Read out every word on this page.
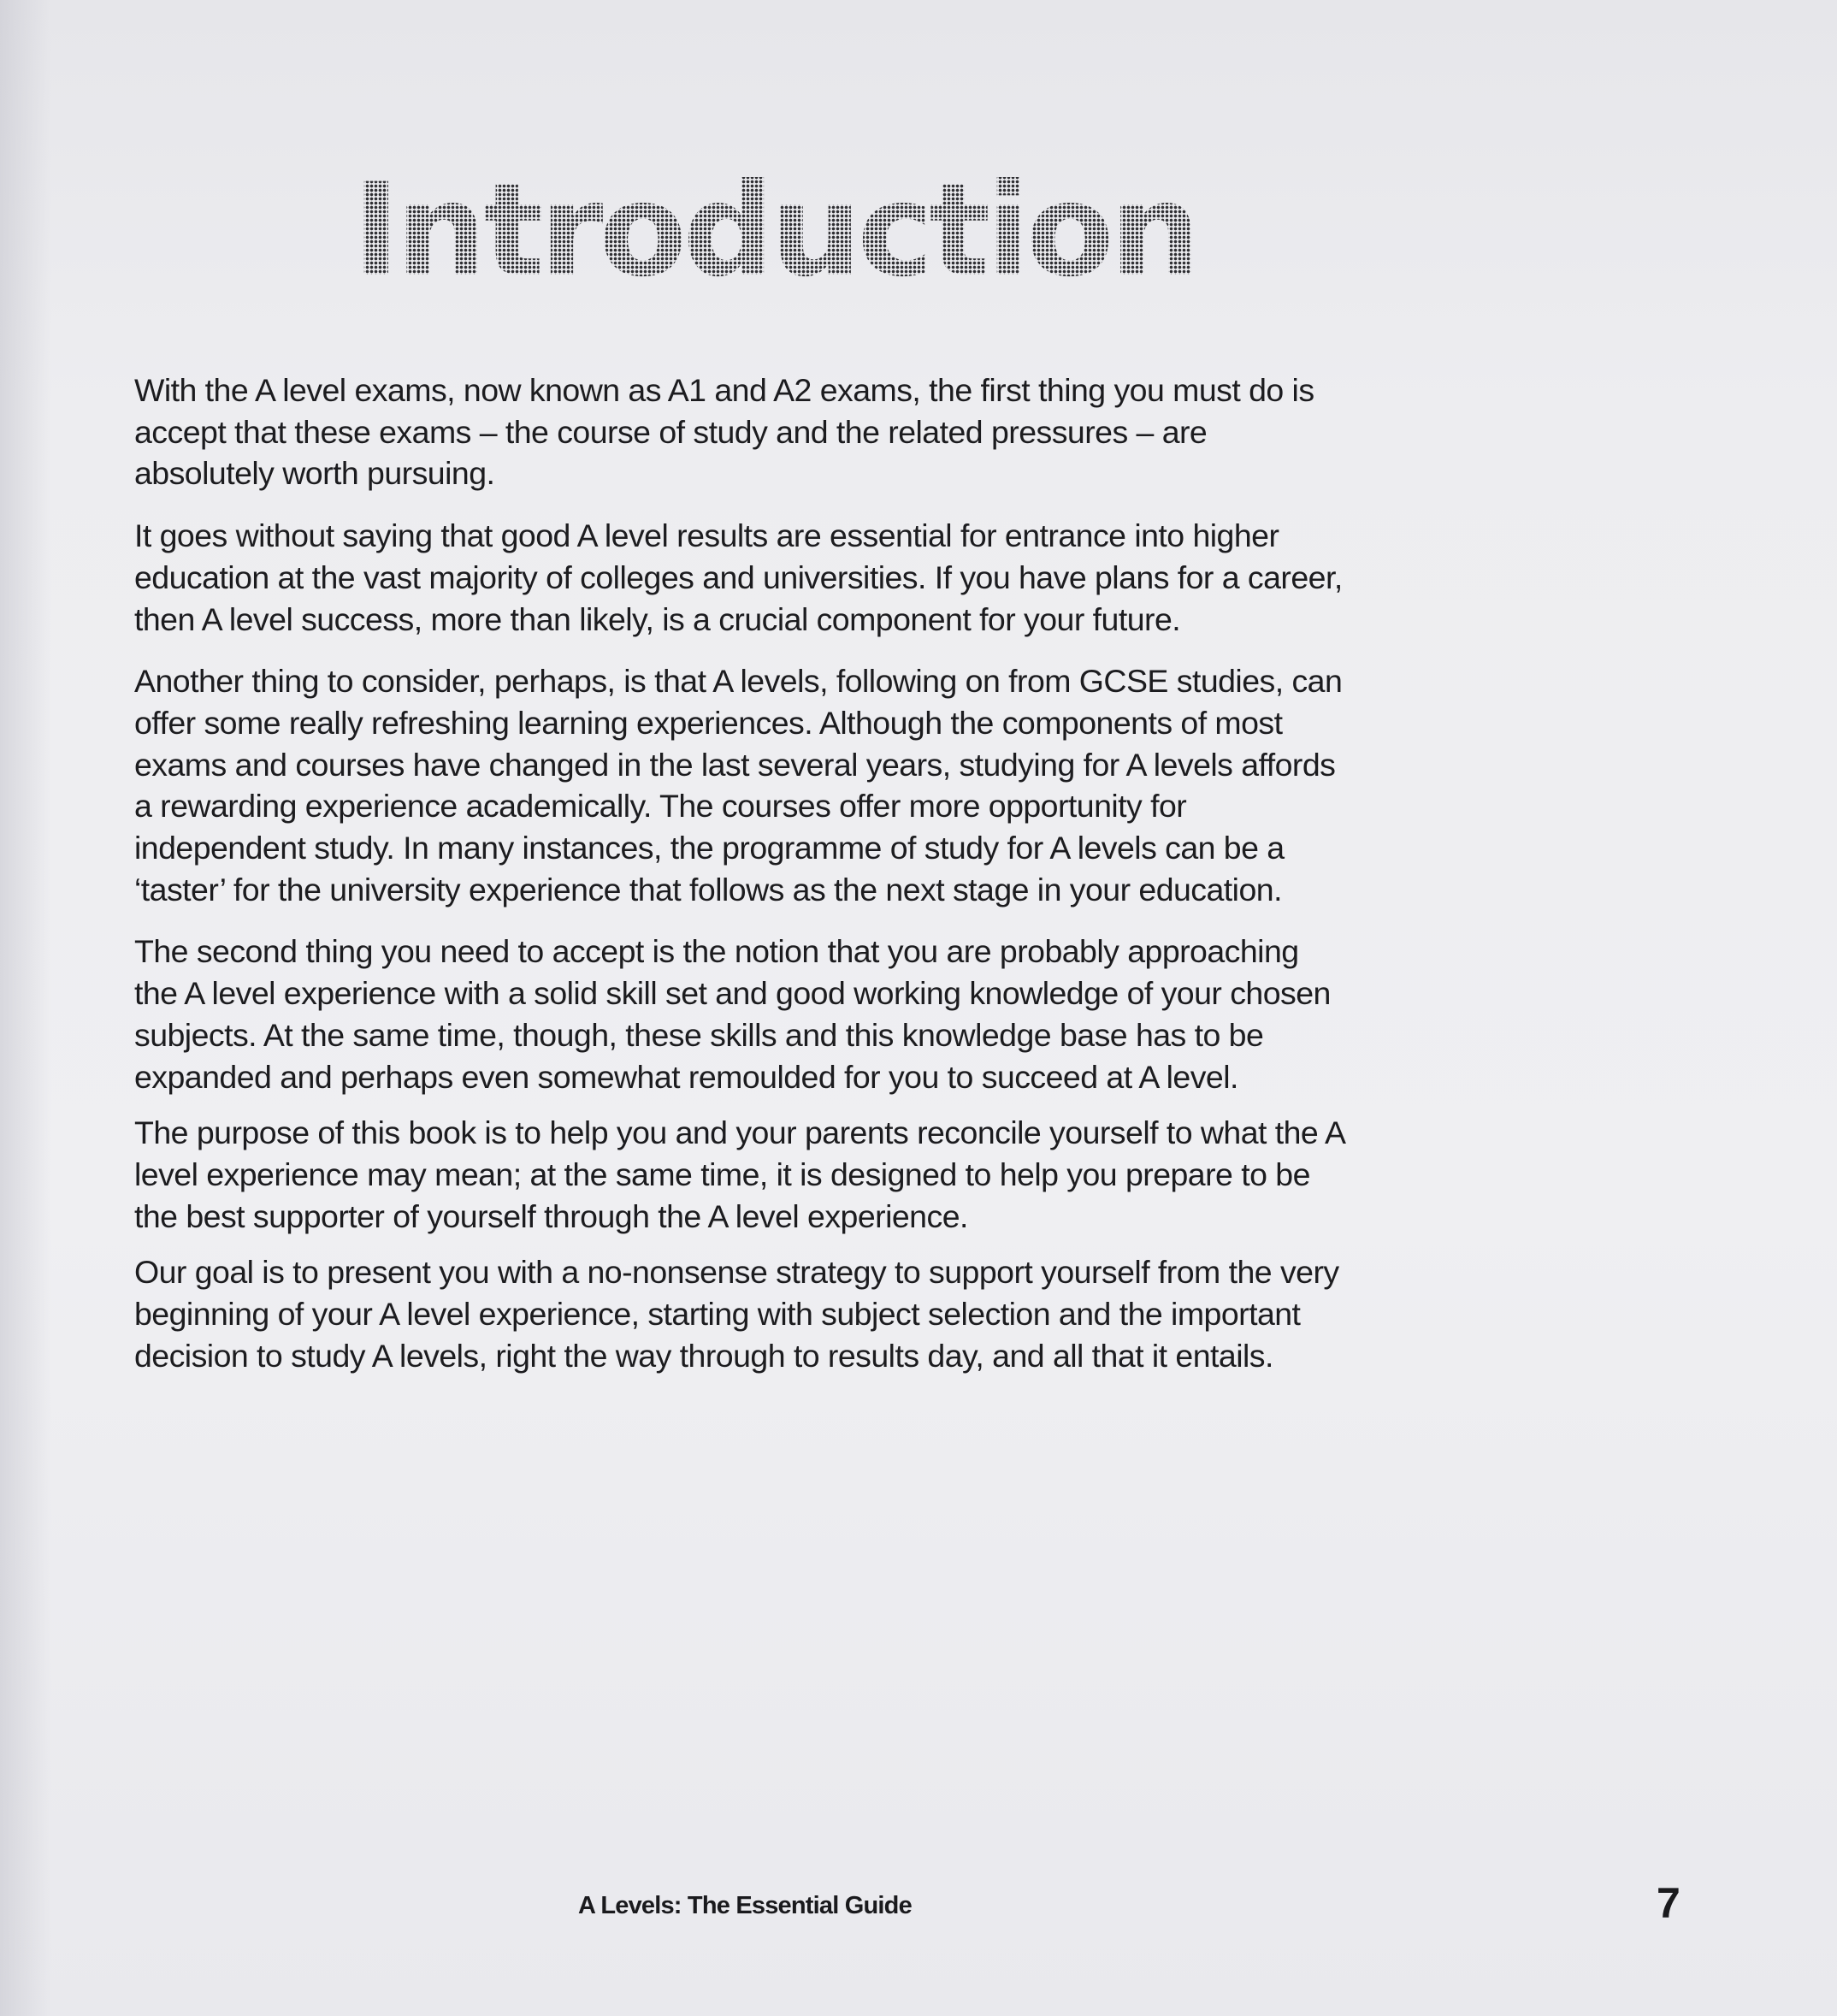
Introduction

With the A level exams, now known as A1 and A2 exams, the first thing you must do is accept that these exams – the course of study and the related pressures – are absolutely worth pursuing.

It goes without saying that good A level results are essential for entrance into higher education at the vast majority of colleges and universities. If you have plans for a career, then A level success, more than likely, is a crucial component for your future.

Another thing to consider, perhaps, is that A levels, following on from GCSE studies, can offer some really refreshing learning experiences. Although the components of most exams and courses have changed in the last several years, studying for A levels affords a rewarding experience academically. The courses offer more opportunity for independent study. In many instances, the programme of study for A levels can be a ‘taster’ for the university experience that follows as the next stage in your education.

The second thing you need to accept is the notion that you are probably approaching the A level experience with a solid skill set and good working knowledge of your chosen subjects. At the same time, though, these skills and this knowledge base has to be expanded and perhaps even somewhat remoulded for you to succeed at A level.

The purpose of this book is to help you and your parents reconcile yourself to what the A level experience may mean; at the same time, it is designed to help you prepare to be the best supporter of yourself through the A level experience.

Our goal is to present you with a no-nonsense strategy to support yourself from the very beginning of your A level experience, starting with subject selection and the important decision to study A levels, right the way through to results day, and all that it entails.

A Levels: The Essential Guide	7
